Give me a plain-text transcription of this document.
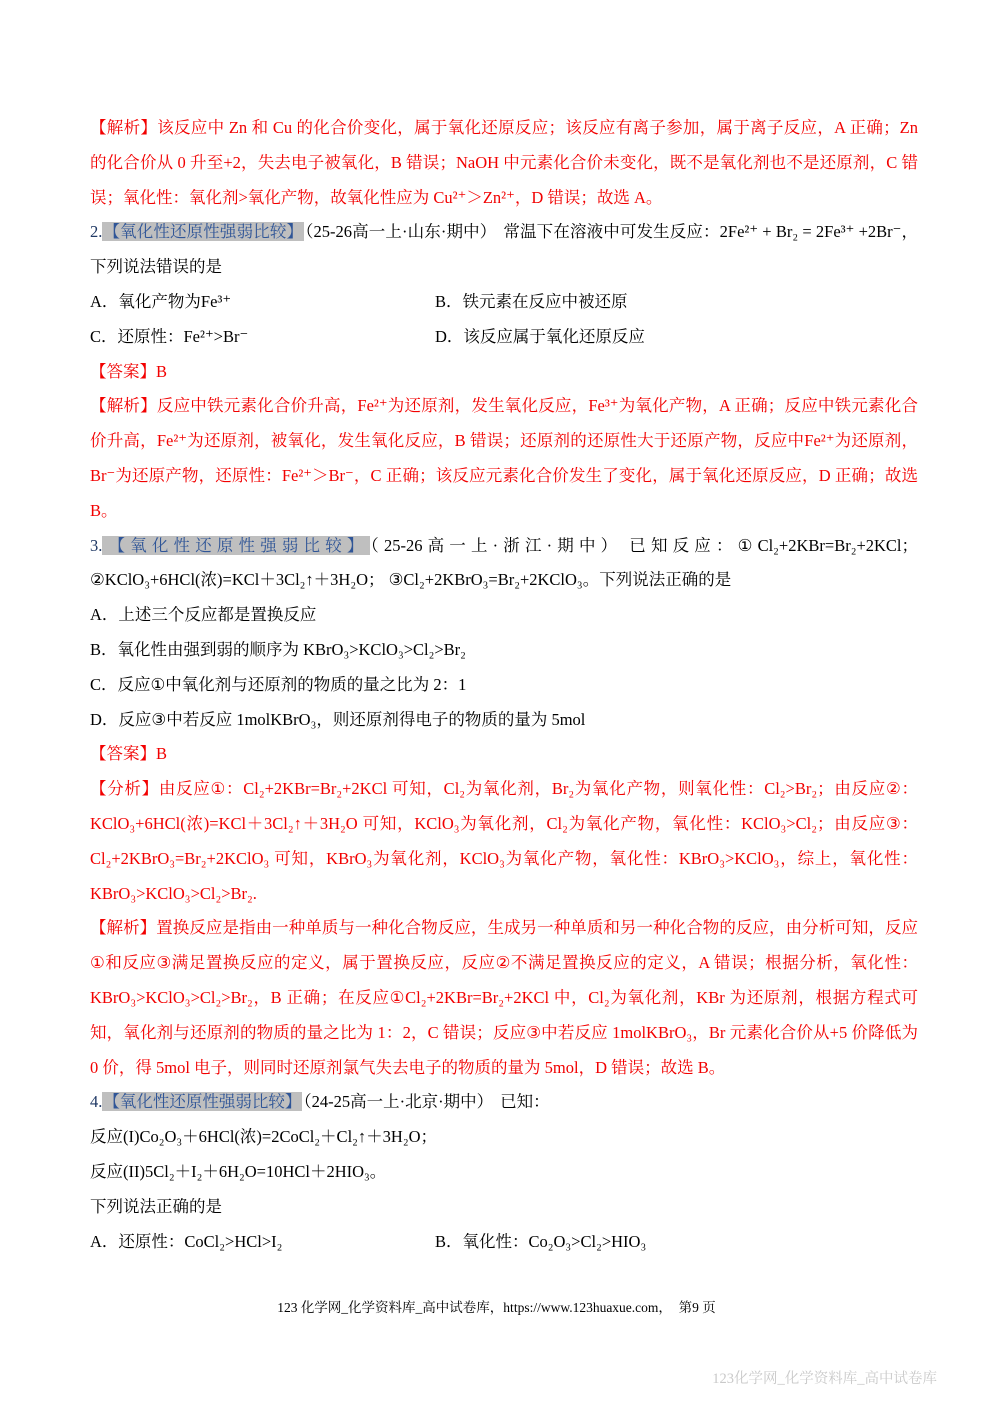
【解析】该反应中 Zn 和 Cu 的化合价变化，属于氧化还原反应；该反应有离子参加，属于离子反应，A 正确；Zn 的化合价从 0 升至+2，失去电子被氧化，B 错误；NaOH 中元素化合价未变化，既不是氧化剂也不是还原剂，C 错误；氧化性：氧化剂>氧化产物，故氧化性应为 Cu²⁺＞Zn²⁺，D 错误；故选 A。

2.【氧化性还原性强弱比较】 （25-26高一上·山东·期中） 常温下在溶液中可发生反应：2Fe²⁺ + Br₂ = 2Fe³⁺ +2Br⁻，下列说法错误的是

A．氧化产物为Fe³⁺	B．铁元素在反应中被还原
C．还原性：Fe²⁺>Br⁻	D．该反应属于氧化还原反应

【答案】B

【解析】反应中铁元素化合价升高，Fe²⁺为还原剂，发生氧化反应，Fe³⁺为氧化产物，A 正确；反应中铁元素化合价升高，Fe²⁺为还原剂，被氧化，发生氧化反应，B 错误；还原剂的还原性大于还原产物，反应中Fe²⁺为还原剂，Br⁻为还原产物，还原性：Fe²⁺＞Br⁻，C 正确；该反应元素化合价发生了变化，属于氧化还原反应，D 正确；故选 B。

3.【氧化性还原性强弱比较】 （25-26高一上·浙江·期中） 已知反应：①Cl₂+2KBr=Br₂+2KCl；②KClO₃+6HCl(浓)=KCl＋3Cl₂↑＋3H₂O； ③Cl₂+2KBrO₃=Br₂+2KClO₃。下列说法正确的是

A．上述三个反应都是置换反应
B．氧化性由强到弱的顺序为 KBrO₃>KClO₃>Cl₂>Br₂
C．反应①中氧化剂与还原剂的物质的量之比为 2：1
D．反应③中若反应 1molKBrO₃，则还原剂得电子的物质的量为 5mol

【答案】B

【分析】由反应①：Cl₂+2KBr=Br₂+2KCl 可知，Cl₂为氧化剂，Br₂为氧化产物，则氧化性：Cl₂>Br₂；由反应②：KClO₃+6HCl(浓)=KCl＋3Cl₂↑＋3H₂O 可知，KClO₃为氧化剂，Cl₂为氧化产物，氧化性：KClO₃>Cl₂；由反应③：Cl₂+2KBrO₃=Br₂+2KClO₃ 可知，KBrO₃为氧化剂，KClO₃为氧化产物，氧化性：KBrO₃>KClO₃，综上，氧化性：KBrO₃>KClO₃>Cl₂>Br₂.

【解析】置换反应是指由一种单质与一种化合物反应，生成另一种单质和另一种化合物的反应，由分析可知，反应①和反应③满足置换反应的定义，属于置换反应，反应②不满足置换反应的定义，A 错误；根据分析，氧化性：KBrO₃>KClO₃>Cl₂>Br₂，B 正确；在反应①Cl₂+2KBr=Br₂+2KCl 中，Cl₂为氧化剂，KBr 为还原剂，根据方程式可知，氧化剂与还原剂的物质的量之比为 1：2，C 错误；反应③中若反应 1molKBrO₃，Br 元素化合价从+5 价降低为 0 价，得 5mol 电子，则同时还原剂氯气失去电子的物质的量为 5mol，D 错误；故选 B。

4.【氧化性还原性强弱比较】 （24-25高一上·北京·期中） 已知：

反应(I)Co₂O₃＋6HCl(浓)=2CoCl₂＋Cl₂↑＋3H₂O；

反应(II)5Cl₂＋I₂＋6H₂O=10HCl＋2HIO₃。

下列说法正确的是

A．还原性：CoCl₂>HCl>I₂	B．氧化性：Co₂O₃>Cl₂>HIO₃
123 化学网_化学资料库_高中试卷库，https://www.123huaxue.com，　第9 页
123化学网_化学资料库_高中试卷库
